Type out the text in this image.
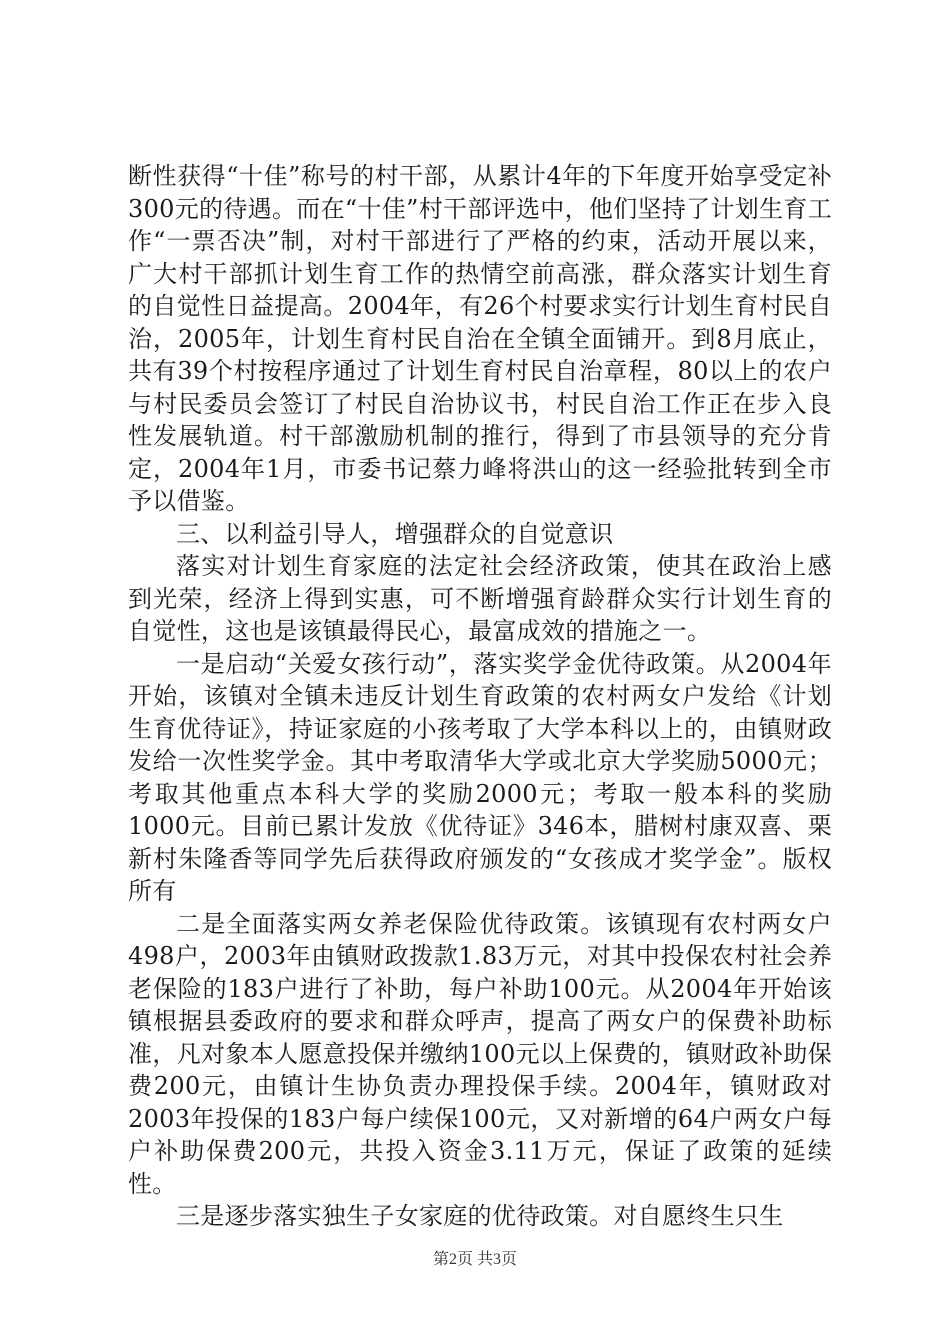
断性获得“十佳”称号的村干部，从累计4年的下年度开始享受定补300元的待遇。而在“十佳”村干部评选中，他们坚持了计划生育工作“一票否决”制，对村干部进行了严格的约束，活动开展以来，广大村干部抓计划生育工作的热情空前高涨，群众落实计划生育的自觉性日益提高。2004年，有26个村要求实行计划生育村民自治，2005年，计划生育村民自治在全镇全面铺开。到8月底止，共有39个村按程序通过了计划生育村民自治章程，80以上的农户与村民委员会签订了村民自治协议书，村民自治工作正在步入良性发展轨道。村干部激励机制的推行，得到了市县领导的充分肯定，2004年1月，市委书记蔡力峰将洪山的这一经验批转到全市予以借鉴。

三、以利益引导人，增强群众的自觉意识

落实对计划生育家庭的法定社会经济政策，使其在政治上感到光荣，经济上得到实惠，可不断增强育龄群众实行计划生育的自觉性，这也是该镇最得民心，最富成效的措施之一。

一是启动“关爱女孩行动”，落实奖学金优待政策。从2004年开始，该镇对全镇未违反计划生育政策的农村两女户发给《计划生育优待证》，持证家庭的小孩考取了大学本科以上的，由镇财政发给一次性奖学金。其中考取清华大学或北京大学奖励5000元；考取其他重点本科大学的奖励2000元；考取一般本科的奖励1000元。目前已累计发放《优待证》346本，腊树村康双喜、栗新村朱隆香等同学先后获得政府颁发的“女孩成才奖学金”。版权所有

二是全面落实两女养老保险优待政策。该镇现有农村两女户498户，2003年由镇财政拨款1.83万元，对其中投保农村社会养老保险的183户进行了补助，每户补助100元。从2004年开始该镇根据县委政府的要求和群众呼声，提高了两女户的保费补助标准，凡对象本人愿意投保并缴纳100元以上保费的，镇财政补助保费200元，由镇计生协负责办理投保手续。2004年，镇财政对2003年投保的183户每户续保100元，又对新增的64户两女户每户补助保费200元，共投入资金3.11万元，保证了政策的延续性。

三是逐步落实独生子女家庭的优待政策。对自愿终生只生

第2页 共3页
